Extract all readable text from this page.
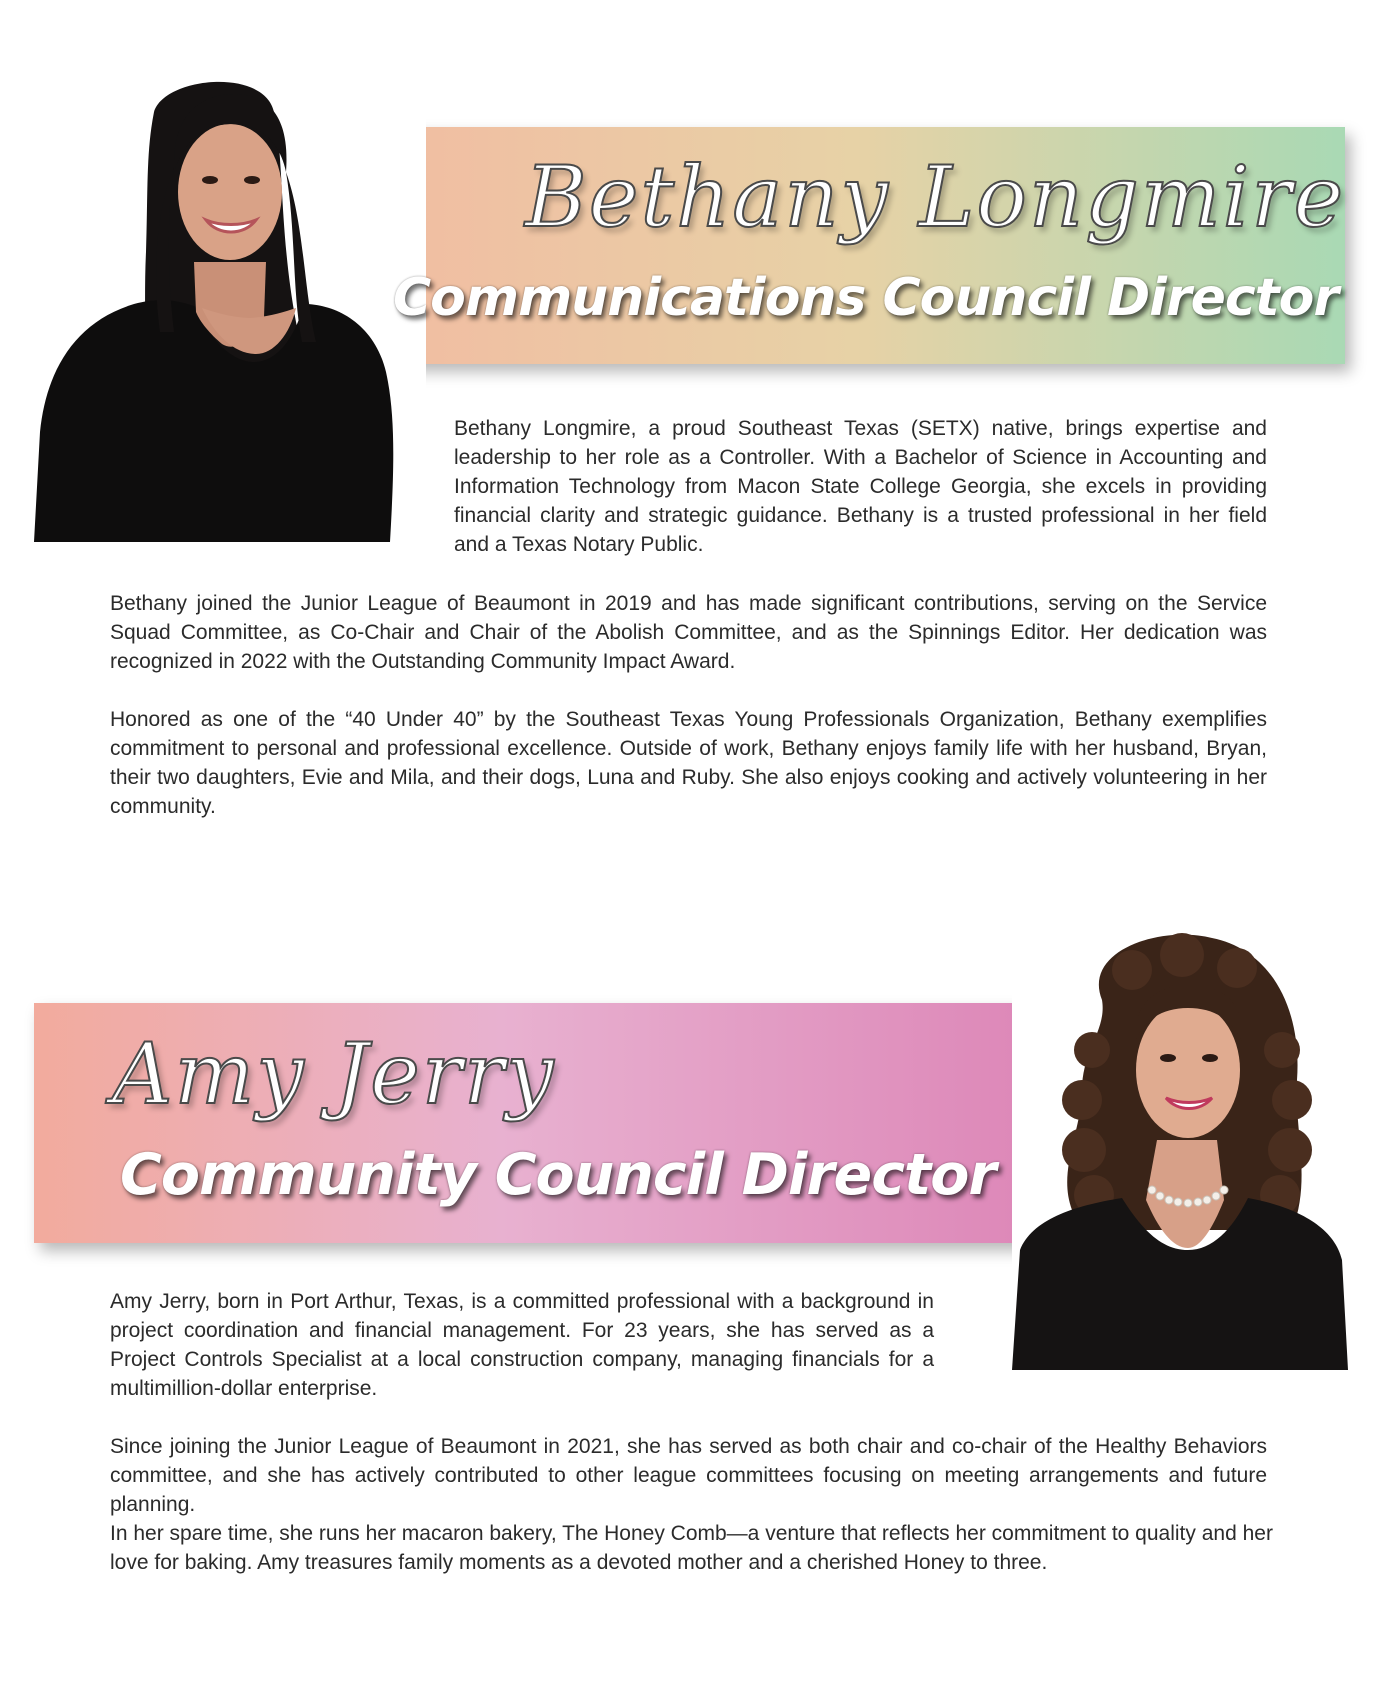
Bethany Longmire
Communications Council Director

Bethany Longmire, a proud Southeast Texas (SETX) native, brings expertise and leadership to her role as a Controller. With a Bachelor of Science in Accounting and Information Technology from Macon State College Georgia, she excels in providing financial clarity and strategic guidance. Bethany is a trusted professional in her field and a Texas Notary Public.

Bethany joined the Junior League of Beaumont in 2019 and has made significant contributions, serving on the Service Squad Committee, as Co-Chair and Chair of the Abolish Committee, and as the Spinnings Editor. Her dedication was recognized in 2022 with the Outstanding Community Impact Award.

Honored as one of the “40 Under 40” by the Southeast Texas Young Professionals Organization, Bethany exemplifies commitment to personal and professional excellence. Outside of work, Bethany enjoys family life with her husband, Bryan, their two daughters, Evie and Mila, and their dogs, Luna and Ruby. She also enjoys cooking and actively volunteering in her community.

Amy Jerry
Community Council Director

Amy Jerry, born in Port Arthur, Texas, is a committed professional with a background in project coordination and financial management. For 23 years, she has served as a Project Controls Specialist at a local construction company, managing financials for a multimillion-dollar enterprise.

Since joining the Junior League of Beaumont in 2021, she has served as both chair and co-chair of the Healthy Behaviors committee, and she has actively contributed to other league committees focusing on meeting arrangements and future planning.

In her spare time, she runs her macaron bakery, The Honey Comb—a venture that reflects her commitment to quality and her love for baking. Amy treasures family moments as a devoted mother and a cherished Honey to three.
